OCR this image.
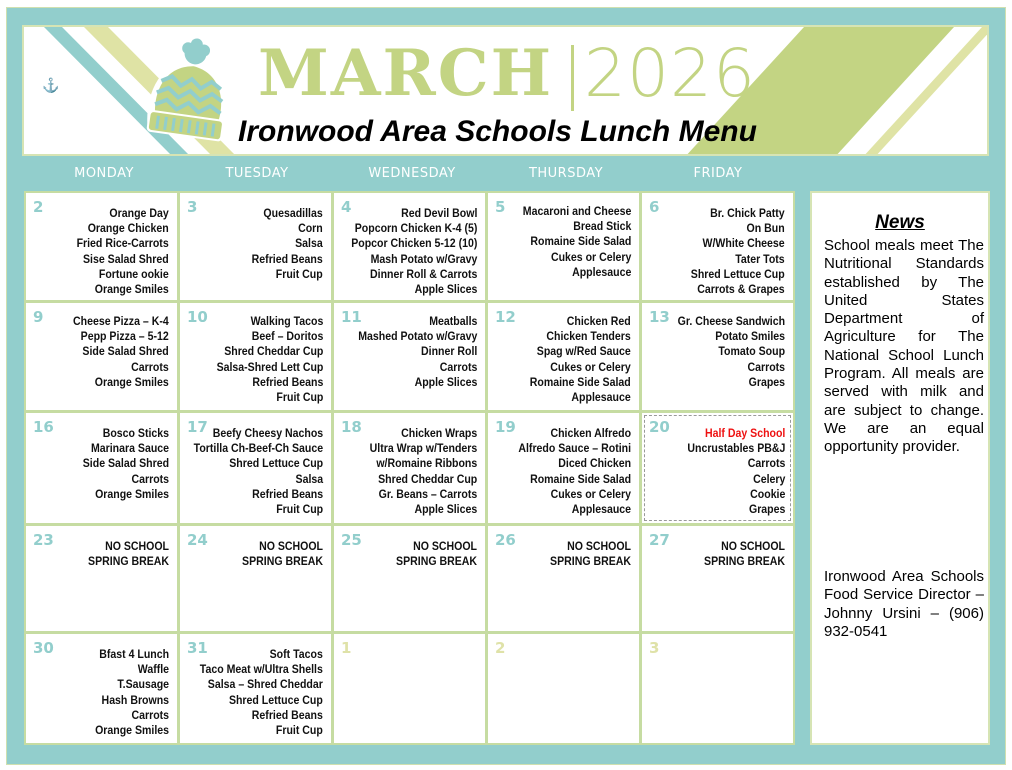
⚓	MARCH 2026
Ironwood Area Schools Lunch Menu
MONDAY	TUESDAY	WEDNESDAY	THURSDAY	FRIDAY
2	Orange Day
Orange Chicken
Fried Rice-Carrots
Sise Salad Shred
Fortune ookie
Orange Smiles
3	Quesadillas
Corn
Salsa
Refried Beans
Fruit Cup
4	Red Devil Bowl
Popcorn Chicken K-4 (5)
Popcor Chicken 5-12 (10)
Mash Potato w/Gravy
Dinner Roll & Carrots
Apple Slices
5 Macaroni and Cheese
Bread Stick
Romaine Side Salad
Cukes or Celery
Applesauce
6	Br. Chick Patty
On Bun
W/White Cheese
Tater Tots
Shred Lettuce Cup
Carrots & Grapes
9 Cheese Pizza – K-4
Pepp Pizza – 5-12
Side Salad Shred
Carrots
Orange Smiles
10	Walking Tacos
Beef – Doritos
Shred Cheddar Cup
Salsa-Shred Lett Cup
Refried Beans
Fruit Cup
11	Meatballs
Mashed Potato w/Gravy
Dinner Roll
Carrots
Apple Slices
12	Chicken Red
Chicken Tenders
Spag w/Red Sauce
Cukes or Celery
Romaine Side Salad
Applesauce
13 Gr. Cheese Sandwich
Potato Smiles
Tomato Soup
Carrots
Grapes
16	Bosco Sticks
Marinara Sauce
Side Salad Shred
Carrots
Orange Smiles
17 Beefy Cheesy Nachos
Tortilla Ch-Beef-Ch Sauce
Shred Lettuce Cup
Salsa
Refried Beans
Fruit Cup
18	Chicken Wraps
Ultra Wrap w/Tenders
w/Romaine Ribbons
Shred Cheddar Cup
Gr. Beans – Carrots
Apple Slices
19	Chicken Alfredo
Alfredo Sauce – Rotini
Diced Chicken
Romaine Side Salad
Cukes or Celery
Applesauce
20	Half Day School
Uncrustables PB&J
Carrots
Celery
Cookie
Grapes
23	NO SCHOOL
SPRING BREAK
24	NO SCHOOL
SPRING BREAK
25	NO SCHOOL
SPRING BREAK
26	NO SCHOOL
SPRING BREAK
27	NO SCHOOL
SPRING BREAK
30	Bfast 4 Lunch
Waffle
T.Sausage
Hash Browns
Carrots
Orange Smiles
31	Soft Tacos
Taco Meat w/Ultra Shells
Salsa – Shred Cheddar
Shred Lettuce Cup
Refried Beans
Fruit Cup
1	2	3
News
School meals meet The Nutritional Standards established by The United States Department of Agriculture for The National School Lunch Program. All meals are served with milk and are subject to change. We are an equal opportunity provider.
Ironwood Area Schools Food Service Director – Johnny Ursini – (906) 932-0541
